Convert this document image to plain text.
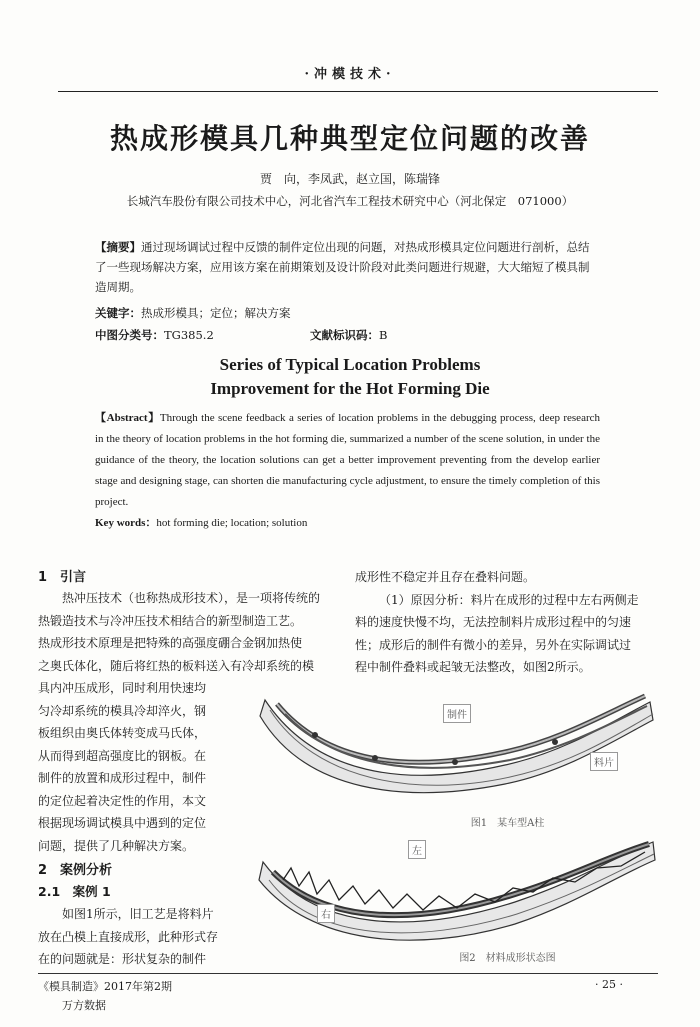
·冲模技术·
热成形模具几种典型定位问题的改善
贾　向，李凤武，赵立国，陈瑞锋
长城汽车股份有限公司技术中心，河北省汽车工程技术研究中心（河北保定　071000）
【摘要】通过现场调试过程中反馈的制件定位出现的问题，对热成形模具定位问题进行剖析，总结了一些现场解决方案，应用该方案在前期策划及设计阶段对此类问题进行规避，大大缩短了模具制造周期。
关键字：热成形模具；定位；解决方案
中图分类号：TG385.2	文献标识码：B
Series of Typical Location Problems
Improvement for the Hot Forming Die
【Abstract】Through the scene feedback a series of location problems in the debugging process, deep research in the theory of location problems in the hot forming die, summarized a number of the scene solution, in under the guidance of the theory, the location solutions can get a better improvement preventing from the develop earlier stage and designing stage, can shorten die manufacturing cycle adjustment, to ensure the timely completion of this project.
Key words：hot forming die; location; solution
1　引言
热冲压技术（也称热成形技术），是一项将传统的
热锻造技术与冷冲压技术相结合的新型制造工艺。
热成形技术原理是把特殊的高强度硼合金钢加热使
之奥氏体化，随后将红热的板料送入有冷却系统的模
具内冲压成形，同时利用快速均
匀冷却系统的模具冷却淬火，钢
板组织由奥氏体转变成马氏体，
从而得到超高强度比的钢板。在
制件的放置和成形过程中，制件
的定位起着决定性的作用，本文
根据现场调试模具中遇到的定位
问题，提供了几种解决方案。
2　案例分析
2.1　案例 1
如图1所示，旧工艺是将料片
放在凸模上直接成形，此种形式存
在的问题就是：形状复杂的制件
成形性不稳定并且存在叠料问题。
（1）原因分析：料片在成形的过程中左右两侧走
料的速度快慢不均，无法控制料片成形过程中的匀速
性；成形后的制件有微小的差异，另外在实际调试过
程中制件叠料或起皱无法整改，如图2所示。
制件
料片
图1　某车型A柱
左
右
图2　材料成形状态图
《模具制造》2017年第2期	· 25 ·
万方数据
